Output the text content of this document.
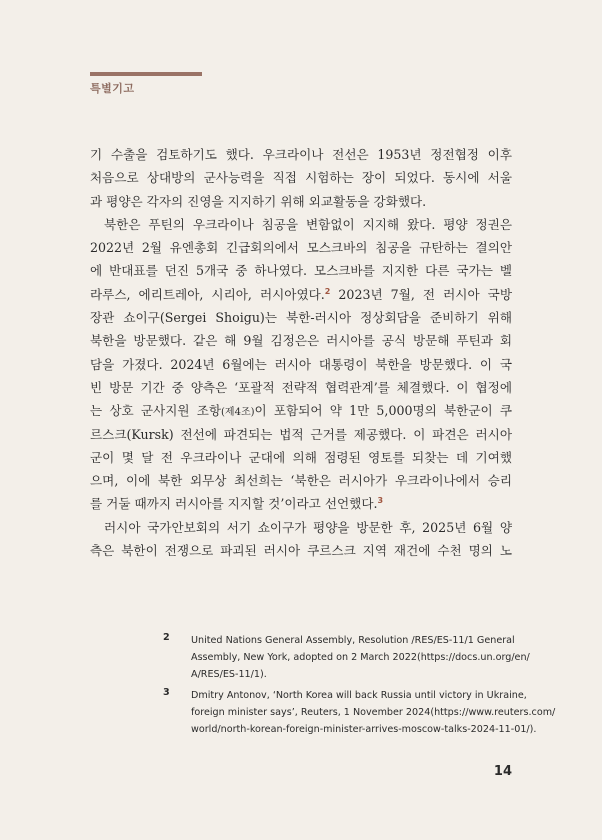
특별기고
기 수출을 검토하기도 했다. 우크라이나 전선은 1953년 정전협정 이후
처음으로 상대방의 군사능력을 직접 시험하는 장이 되었다. 동시에 서울
과 평양은 각자의 진영을 지지하기 위해 외교활동을 강화했다.
북한은 푸틴의 우크라이나 침공을 변함없이 지지해 왔다. 평양 정권은
2022년 2월 유엔총회 긴급회의에서 모스크바의 침공을 규탄하는 결의안
에 반대표를 던진 5개국 중 하나였다. 모스크바를 지지한 다른 국가는 벨
라루스, 에리트레아, 시리아, 러시아였다.$^2$ 2023년 7월, 전 러시아 국방
장관 쇼이구(Sergei Shoigu)는 북한-러시아 정상회담을 준비하기 위해
북한을 방문했다. 같은 해 9월 김정은은 러시아를 공식 방문해 푸틴과 회
담을 가졌다. 2024년 6월에는 러시아 대통령이 북한을 방문했다. 이 국
빈 방문 기간 중 양측은 ‘포괄적 전략적 협력관계’를 체결했다. 이 협정에
는 상호 군사지원 조항(제4조)이 포함되어 약 1만 5,000명의 북한군이 쿠
르스크(Kursk) 전선에 파견되는 법적 근거를 제공했다. 이 파견은 러시아
군이 몇 달 전 우크라이나 군대에 의해 점령된 영토를 되찾는 데 기여했
으며, 이에 북한 외무상 최선희는 ‘북한은 러시아가 우크라이나에서 승리
를 거둘 때까지 러시아를 지지할 것’이라고 선언했다.$^3$
러시아 국가안보회의 서기 쇼이구가 평양을 방문한 후, 2025년 6월 양
측은 북한이 전쟁으로 파괴된 러시아 쿠르스크 지역 재건에 수천 명의 노
2 United Nations General Assembly, Resolution /RES/ES-11/1 General
Assembly, New York, adopted on 2 March 2022(https://docs.un.org/en/
A/RES/ES-11/1).
3 Dmitry Antonov, ‘North Korea will back Russia until victory in Ukraine,
foreign minister says’, Reuters, 1 November 2024(https://www.reuters.com/
world/north-korean-foreign-minister-arrives-moscow-talks-2024-11-01/).
14
